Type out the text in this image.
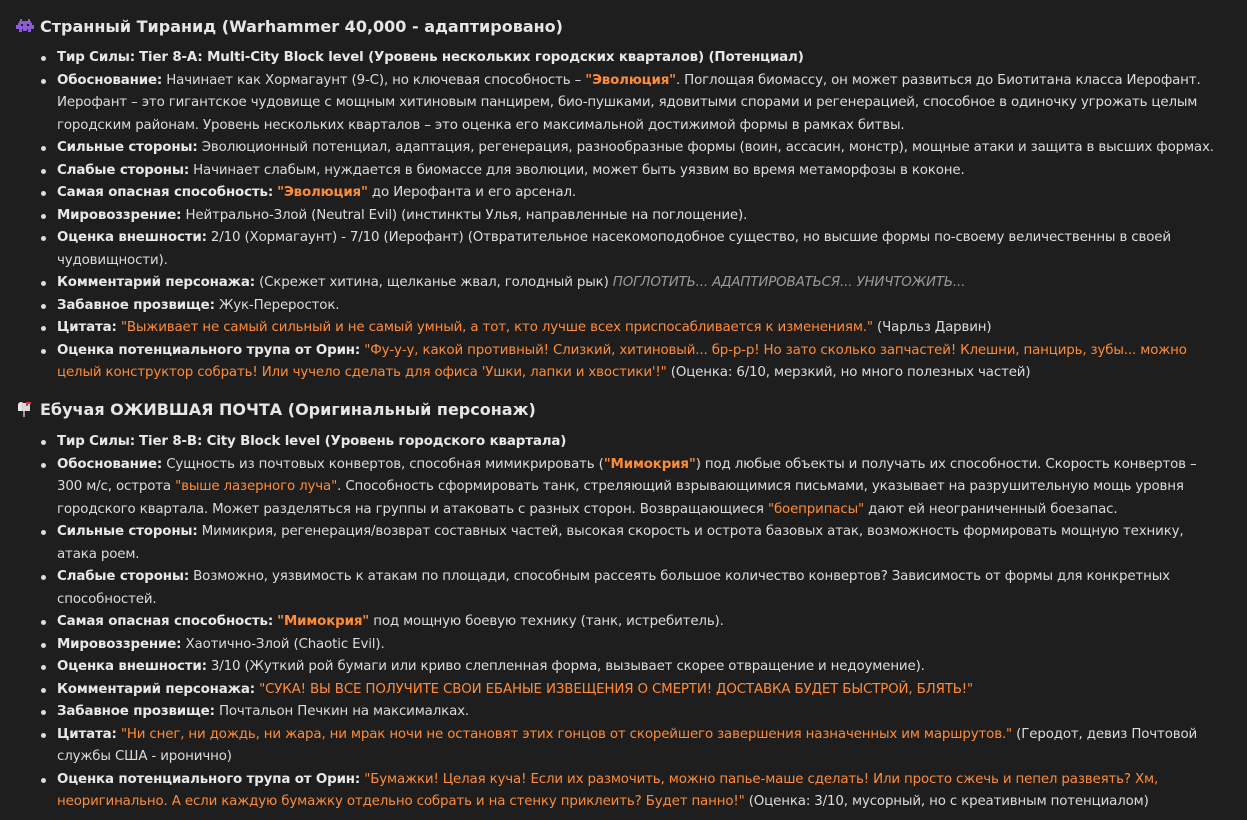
Странный Тиранид (Warhammer 40,000 - адаптировано)
Тир Силы: Tier 8-A: Multi-City Block level (Уровень нескольких городских кварталов) (Потенциал)
Обоснование: Начинает как Хормагаунт (9-C), но ключевая способность – "Эволюция". Поглощая биомассу, он может развиться до Биотитана класса Иерофант. Иерофант – это гигантское чудовище с мощным хитиновым панцирем, био-пушками, ядовитыми спорами и регенерацией, способное в одиночку угрожать целым городским районам. Уровень нескольких кварталов – это оценка его максимальной достижимой формы в рамках битвы.
Сильные стороны: Эволюционный потенциал, адаптация, регенерация, разнообразные формы (воин, ассасин, монстр), мощные атаки и защита в высших формах.
Слабые стороны: Начинает слабым, нуждается в биомассе для эволюции, может быть уязвим во время метаморфозы в коконе.
Самая опасная способность: "Эволюция" до Иерофанта и его арсенал.
Мировоззрение: Нейтрально-Злой (Neutral Evil) (инстинкты Улья, направленные на поглощение).
Оценка внешности: 2/10 (Хормагаунт) - 7/10 (Иерофант) (Отвратительное насекомоподобное существо, но высшие формы по-своему величественны в своей чудовищности).
Комментарий персонажа: (Скрежет хитина, щелканье жвал, голодный рык) ПОГЛОТИТЬ... АДАПТИРОВАТЬСЯ... УНИЧТОЖИТЬ...
Забавное прозвище: Жук-Переросток.
Цитата: "Выживает не самый сильный и не самый умный, а тот, кто лучше всех приспосабливается к изменениям." (Чарльз Дарвин)
Оценка потенциального трупа от Орин: "Фу-у-у, какой противный! Слизкий, хитиновый... бр-р-р! Но зато сколько запчастей! Клешни, панцирь, зубы... можно целый конструктор собрать! Или чучело сделать для офиса 'Ушки, лапки и хвостики'!" (Оценка: 6/10, мерзкий, но много полезных частей)
Ебучая ОЖИВШАЯ ПОЧТА (Оригинальный персонаж)
Тир Силы: Tier 8-B: City Block level (Уровень городского квартала)
Обоснование: Сущность из почтовых конвертов, способная мимикрировать ("Мимокрия") под любые объекты и получать их способности. Скорость конвертов – 300 м/с, острота "выше лазерного луча". Способность сформировать танк, стреляющий взрывающимися письмами, указывает на разрушительную мощь уровня городского квартала. Может разделяться на группы и атаковать с разных сторон. Возвращающиеся "боеприпасы" дают ей неограниченный боезапас.
Сильные стороны: Мимикрия, регенерация/возврат составных частей, высокая скорость и острота базовых атак, возможность формировать мощную технику, атака роем.
Слабые стороны: Возможно, уязвимость к атакам по площади, способным рассеять большое количество конвертов? Зависимость от формы для конкретных способностей.
Самая опасная способность: "Мимокрия" под мощную боевую технику (танк, истребитель).
Мировоззрение: Хаотично-Злой (Chaotic Evil).
Оценка внешности: 3/10 (Жуткий рой бумаги или криво слепленная форма, вызывает скорее отвращение и недоумение).
Комментарий персонажа: "СУКА! ВЫ ВСЕ ПОЛУЧИТЕ СВОИ ЕБАНЫЕ ИЗВЕЩЕНИЯ О СМЕРТИ! ДОСТАВКА БУДЕТ БЫСТРОЙ, БЛЯТЬ!"
Забавное прозвище: Почтальон Печкин на максималках.
Цитата: "Ни снег, ни дождь, ни жара, ни мрак ночи не остановят этих гонцов от скорейшего завершения назначенных им маршрутов." (Геродот, девиз Почтовой службы США - иронично)
Оценка потенциального трупа от Орин: "Бумажки! Целая куча! Если их размочить, можно папье-маше сделать! Или просто сжечь и пепел развеять? Хм, неоригинально. А если каждую бумажку отдельно собрать и на стенку приклеить? Будет панно!" (Оценка: 3/10, мусорный, но с креативным потенциалом)
